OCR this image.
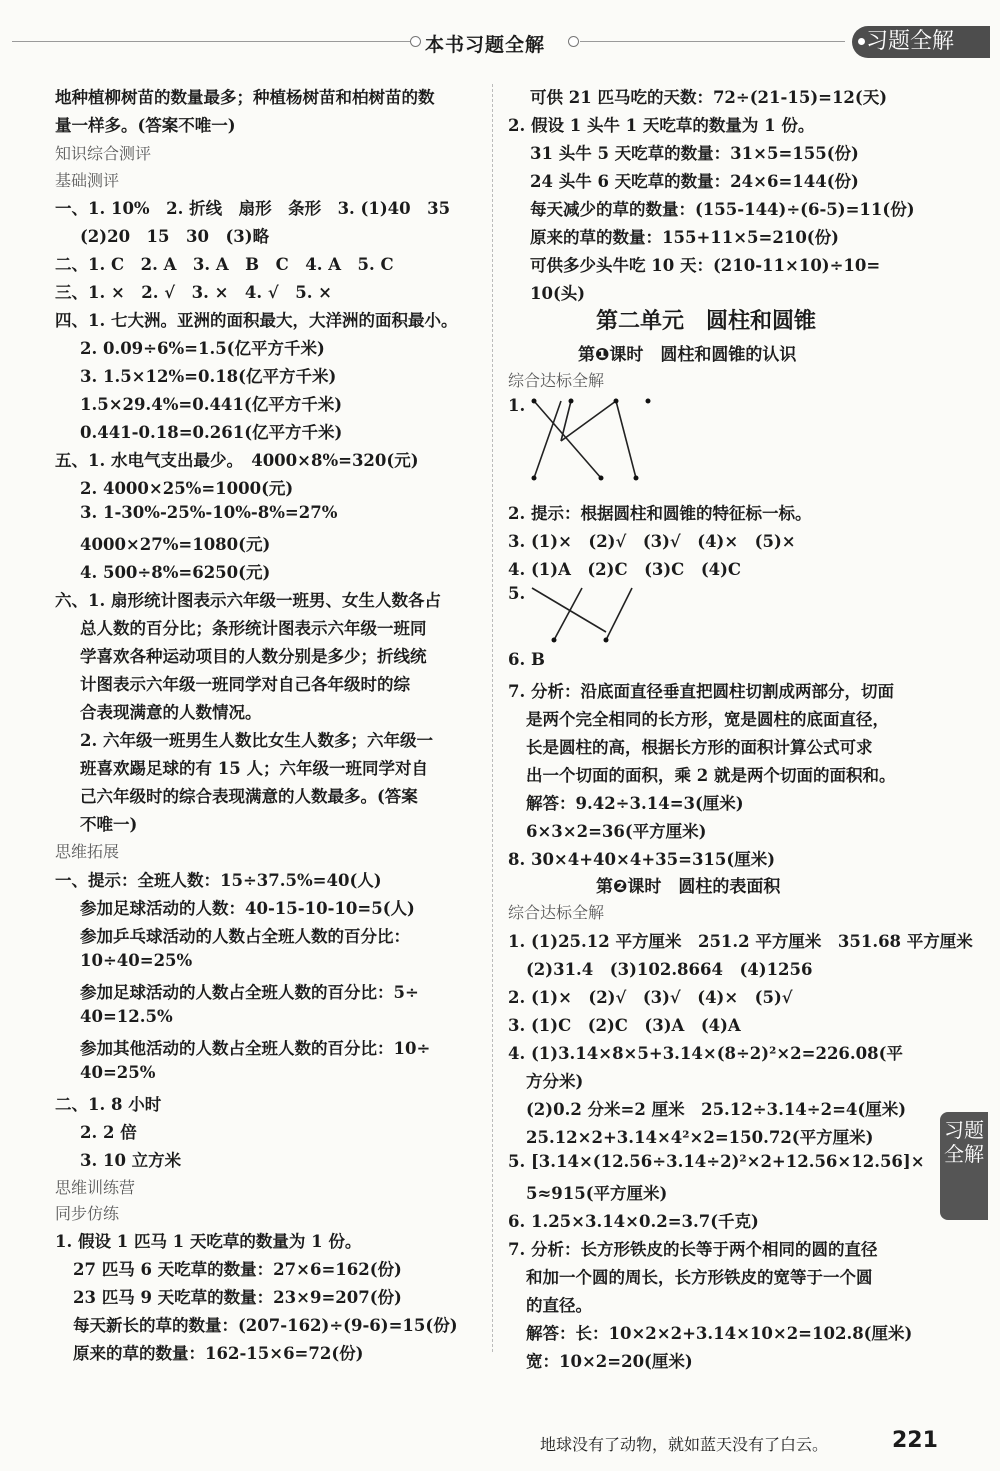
本书习题全解	习题全解
地种植柳树苗的数量最多；种植杨树苗和柏树苗的数
量一样多。(答案不唯一)
知识综合测评
基础测评
一、1. 10%　2. 折线　扇形　条形　3. (1)40　35
(2)20　15　30　(3)略
二、1. C　2. A　3. A　B　C　4. A　5. C
三、1. ×　2. √　3. ×　4. √　5. ×
四、1. 七大洲。亚洲的面积最大，大洋洲的面积最小。
2. 0.09÷6%=1.5(亿平方千米)
3. 1.5×12%=0.18(亿平方千米)
1.5×29.4%=0.441(亿平方千米)
0.441-0.18=0.261(亿平方千米)
五、1. 水电气支出最少。　4000×8%=320(元)
2. 4000×25%=1000(元)
3. 1-30%-25%-10%-8%=27%
4000×27%=1080(元)
4. 500÷8%=6250(元)
六、1. 扇形统计图表示六年级一班男、女生人数各占
总人数的百分比；条形统计图表示六年级一班同
学喜欢各种运动项目的人数分别是多少；折线统
计图表示六年级一班同学对自己各年级时的综
合表现满意的人数情况。
2. 六年级一班男生人数比女生人数多；六年级一
班喜欢踢足球的有 15 人；六年级一班同学对自
己六年级时的综合表现满意的人数最多。(答案
不唯一)
思维拓展
一、提示：全班人数：15÷37.5%=40(人)
参加足球活动的人数：40-15-10-10=5(人)
参加乒乓球活动的人数占全班人数的百分比：
10÷40=25%
参加足球活动的人数占全班人数的百分比：5÷
40=12.5%
参加其他活动的人数占全班人数的百分比：10÷
40=25%
二、1. 8 小时
2. 2 倍
3. 10 立方米
思维训练营
同步仿练
1. 假设 1 匹马 1 天吃草的数量为 1 份。
27 匹马 6 天吃草的数量：27×6=162(份)
23 匹马 9 天吃草的数量：23×9=207(份)
每天新长的草的数量：(207-162)÷(9-6)=15(份)
原来的草的数量：162-15×6=72(份)
可供 21 匹马吃的天数：72÷(21-15)=12(天)
2. 假设 1 头牛 1 天吃草的数量为 1 份。
31 头牛 5 天吃草的数量：31×5=155(份)
24 头牛 6 天吃草的数量：24×6=144(份)
每天减少的草的数量：(155-144)÷(6-5)=11(份)
原来的草的数量：155+11×5=210(份)
可供多少头牛吃 10 天：(210-11×10)÷10=
10(头)
第二单元　圆柱和圆锥
第❶课时　圆柱和圆锥的认识
综合达标全解
1.
2. 提示：根据圆柱和圆锥的特征标一标。
3. (1)×　(2)√　(3)√　(4)×　(5)×
4. (1)A　(2)C　(3)C　(4)C
5.
6. B
7. 分析：沿底面直径垂直把圆柱切割成两部分，切面
是两个完全相同的长方形，宽是圆柱的底面直径，
长是圆柱的高，根据长方形的面积计算公式可求
出一个切面的面积，乘 2 就是两个切面的面积和。
解答：9.42÷3.14=3(厘米)
6×3×2=36(平方厘米)
8. 30×4+40×4+35=315(厘米)
第❷课时　圆柱的表面积
综合达标全解
1. (1)25.12 平方厘米　251.2 平方厘米　351.68 平方厘米
(2)31.4　(3)102.8664　(4)1256
2. (1)×　(2)√　(3)√　(4)×　(5)√
3. (1)C　(2)C　(3)A　(4)A
4. (1)3.14×8×5+3.14×(8÷2)²×2=226.08(平
方分米)
(2)0.2 分米=2 厘米　25.12÷3.14÷2=4(厘米)
25.12×2+3.14×4²×2=150.72(平方厘米)
5. [3.14×(12.56÷3.14÷2)²×2+12.56×12.56]×
5≈915(平方厘米)
6. 1.25×3.14×0.2=3.7(千克)
7. 分析：长方形铁皮的长等于两个相同的圆的直径
和加一个圆的周长，长方形铁皮的宽等于一个圆
的直径。
解答：长：10×2×2+3.14×10×2=102.8(厘米)
宽：10×2=20(厘米)
习题
全解
地球没有了动物，就如蓝天没有了白云。	221
